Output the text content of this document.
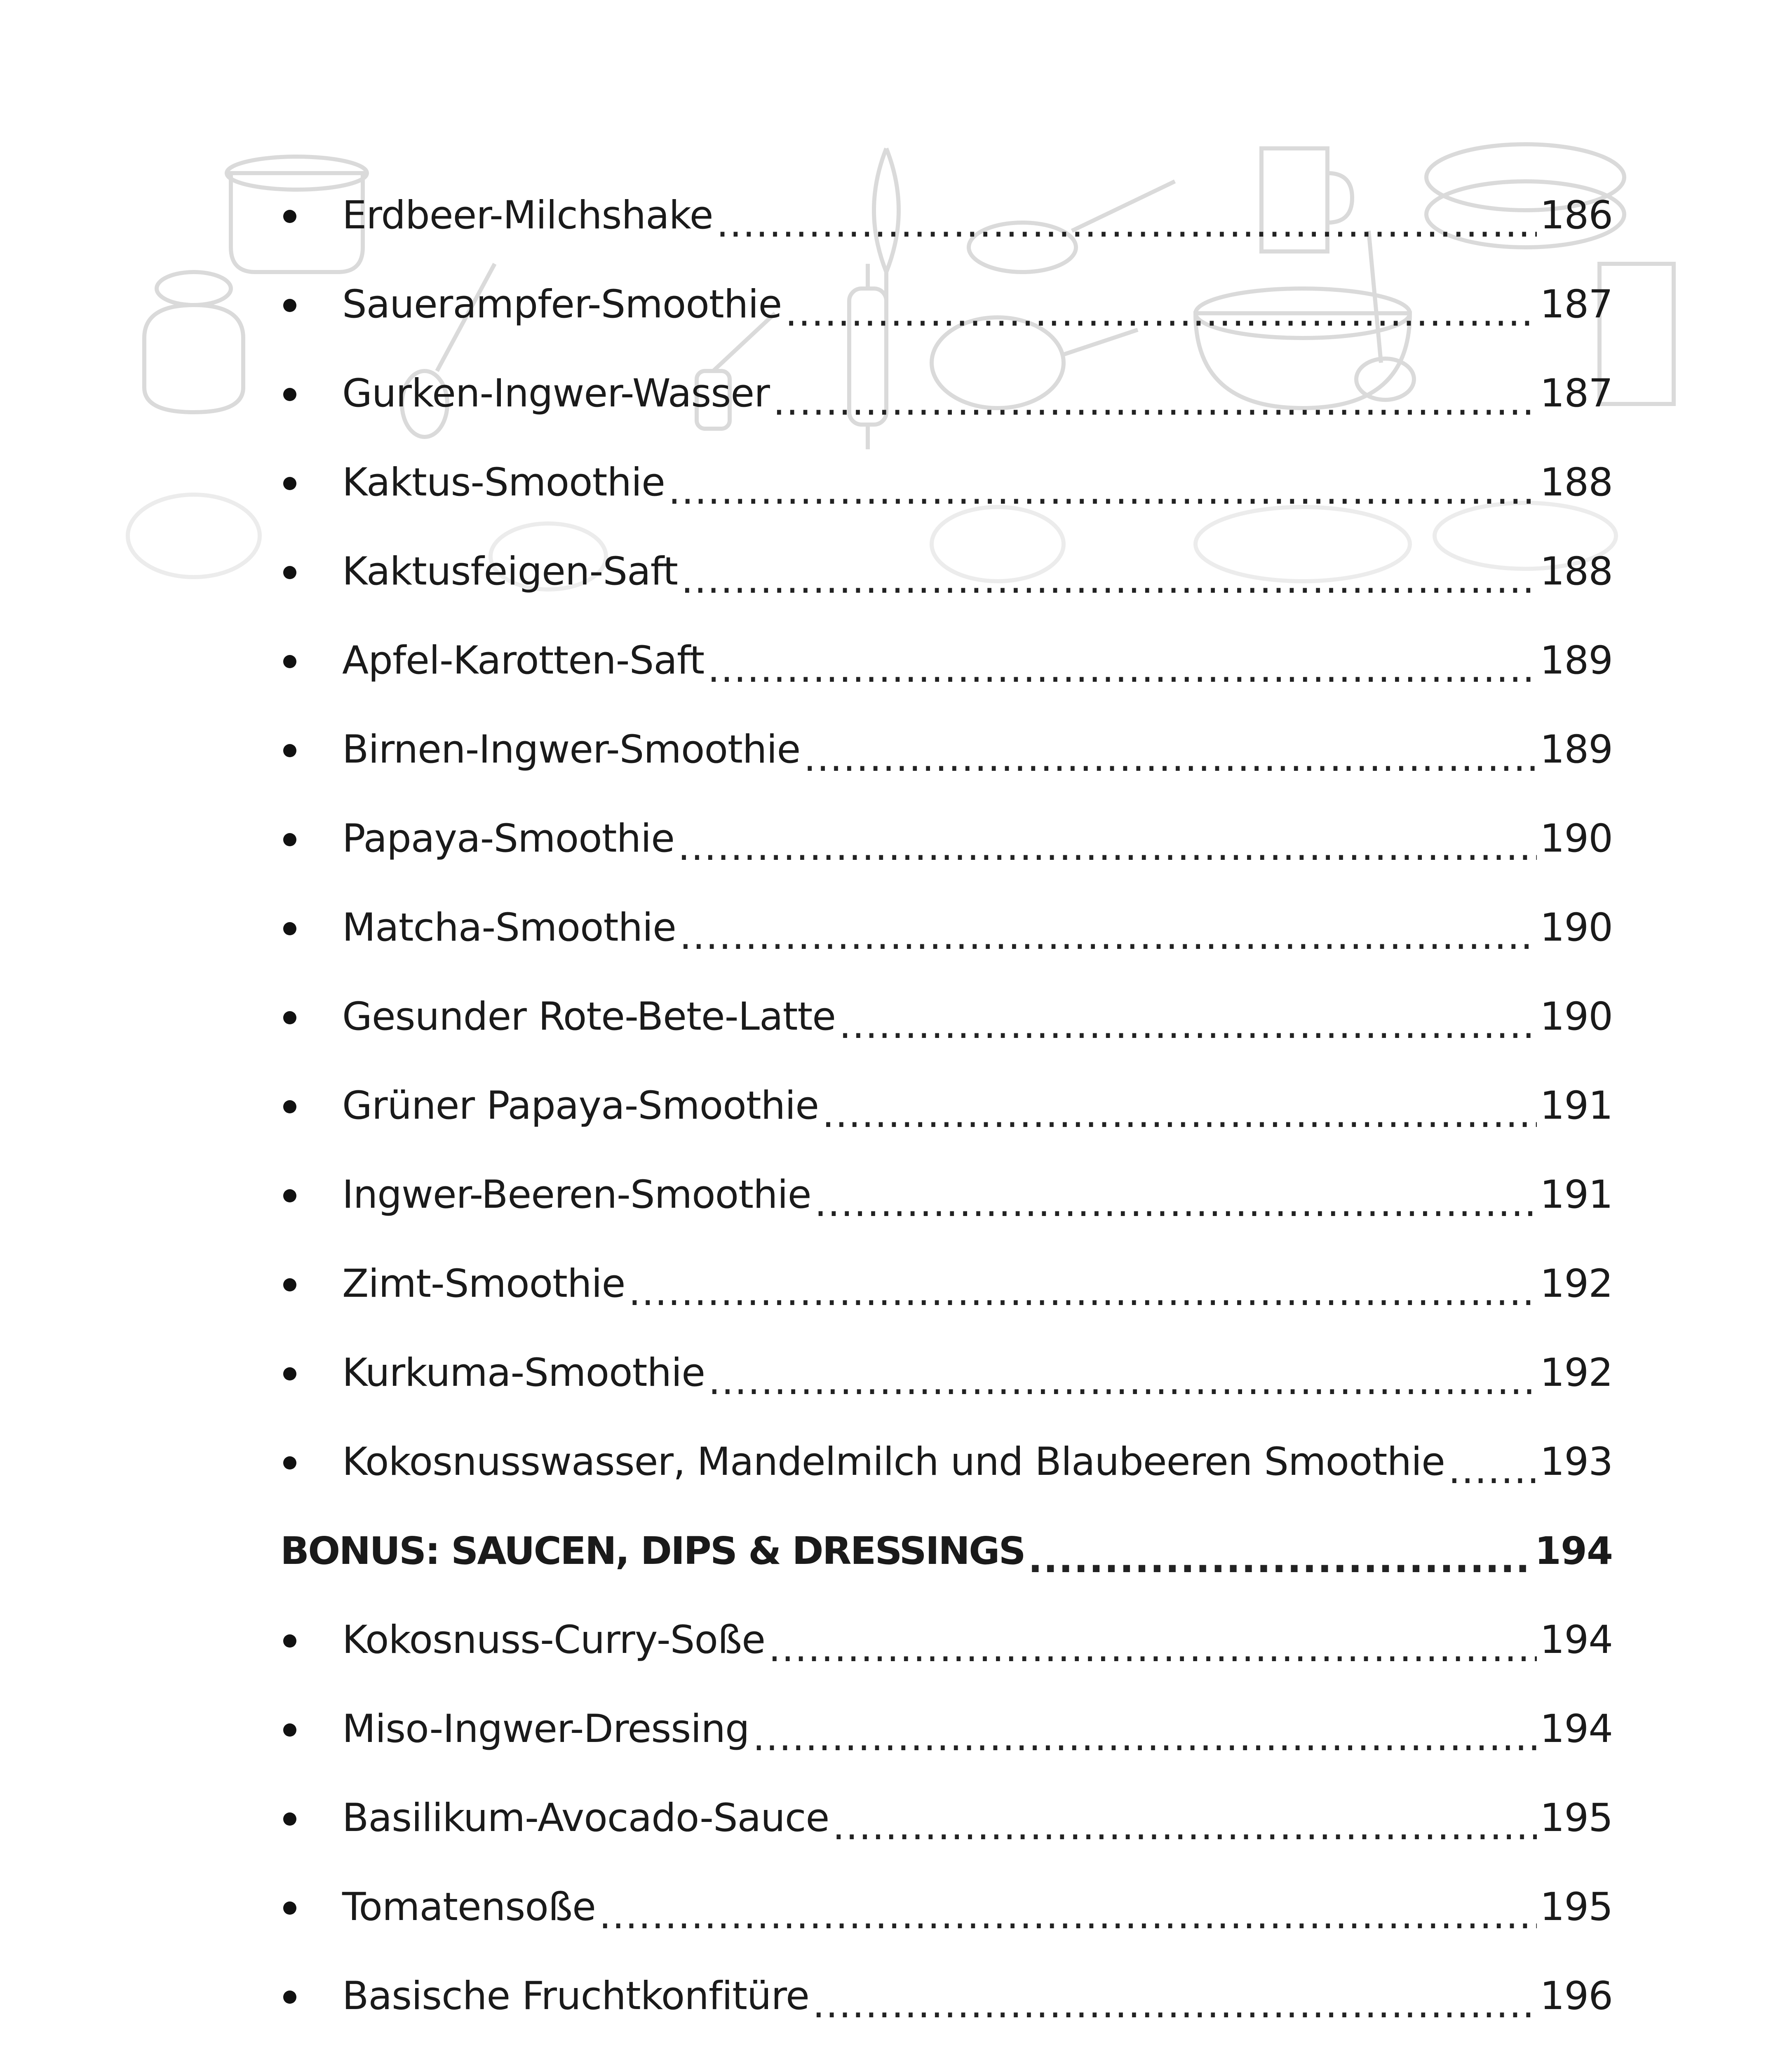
Erdbeer-Milchshake .....	186
Sauerampfer-Smoothie .....	187
Gurken-Ingwer-Wasser .....	187
Kaktus-Smoothie .....	188
Kaktusfeigen-Saft .....	188
Apfel-Karotten-Saft .....	189
Birnen-Ingwer-Smoothie .....	189
Papaya-Smoothie .....	190
Matcha-Smoothie .....	190
Gesunder Rote-Bete-Latte .....	190
Grüner Papaya-Smoothie .....	191
Ingwer-Beeren-Smoothie .....	191
Zimt-Smoothie .....	192
Kurkuma-Smoothie .....	192
Kokosnusswasser, Mandelmilch und Blaubeeren Smoothie ..... 193
BONUS: SAUCEN, DIPS & DRESSINGS .....	194
Kokosnuss-Curry-Soße .....	194
Miso-Ingwer-Dressing .....	194
Basilikum-Avocado-Sauce .....	195
Tomatensoße .....	195
Basische Fruchtkonfitüre .....	196
